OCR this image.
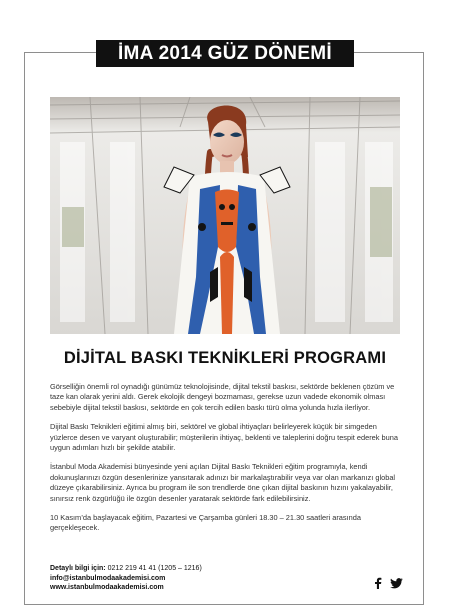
İMA 2014 GÜZ DÖNEMİ
DİJİTAL BASKI TEKNİKLERİ PROGRAMI

Görselliğin önemli rol oynadığı günümüz teknolojisinde, dijital tekstil baskısı, sektörde beklenen çözüm ve taze kan olarak yerini aldı. Gerek ekolojik dengeyi bozmaması, gerekse uzun vadede ekonomik olması sebebiyle dijital tekstil baskısı, sektörde en çok tercih edilen baskı türü olma yolunda hızla ilerliyor.

Dijital Baskı Teknikleri eğitimi almış biri, sektörel ve global ihtiyaçları belirleyerek küçük bir simgeden yüzlerce desen ve varyant oluşturabilir; müşterilerin ihtiyaç, beklenti ve taleplerini doğru tespit ederek buna uygun adımları hızlı bir şekilde atabilir.

İstanbul Moda Akademisi bünyesinde yeni açılan Dijital Baskı Teknikleri eğitim programıyla, kendi dokunuşlarınızı özgün desenlerinize yansıtarak adınızı bir markalaştırabilir veya var olan markanızı global düzeye çıkarabilirsiniz. Ayrıca bu program ile son trendlerde öne çıkan dijital baskının hızını yakalayabilir, sınırsız renk özgürlüğü ile özgün desenler yaratarak sektörde fark edilebilirsiniz.

10 Kasım’da başlayacak eğitim, Pazartesi ve Çarşamba günleri 18.30 – 21.30 saatleri arasında gerçekleşecek.

Detaylı bilgi için: 0212 219 41 41 (1205 – 1216)
info@istanbulmodaakademisi.com
www.istanbulmodaakademisi.com
